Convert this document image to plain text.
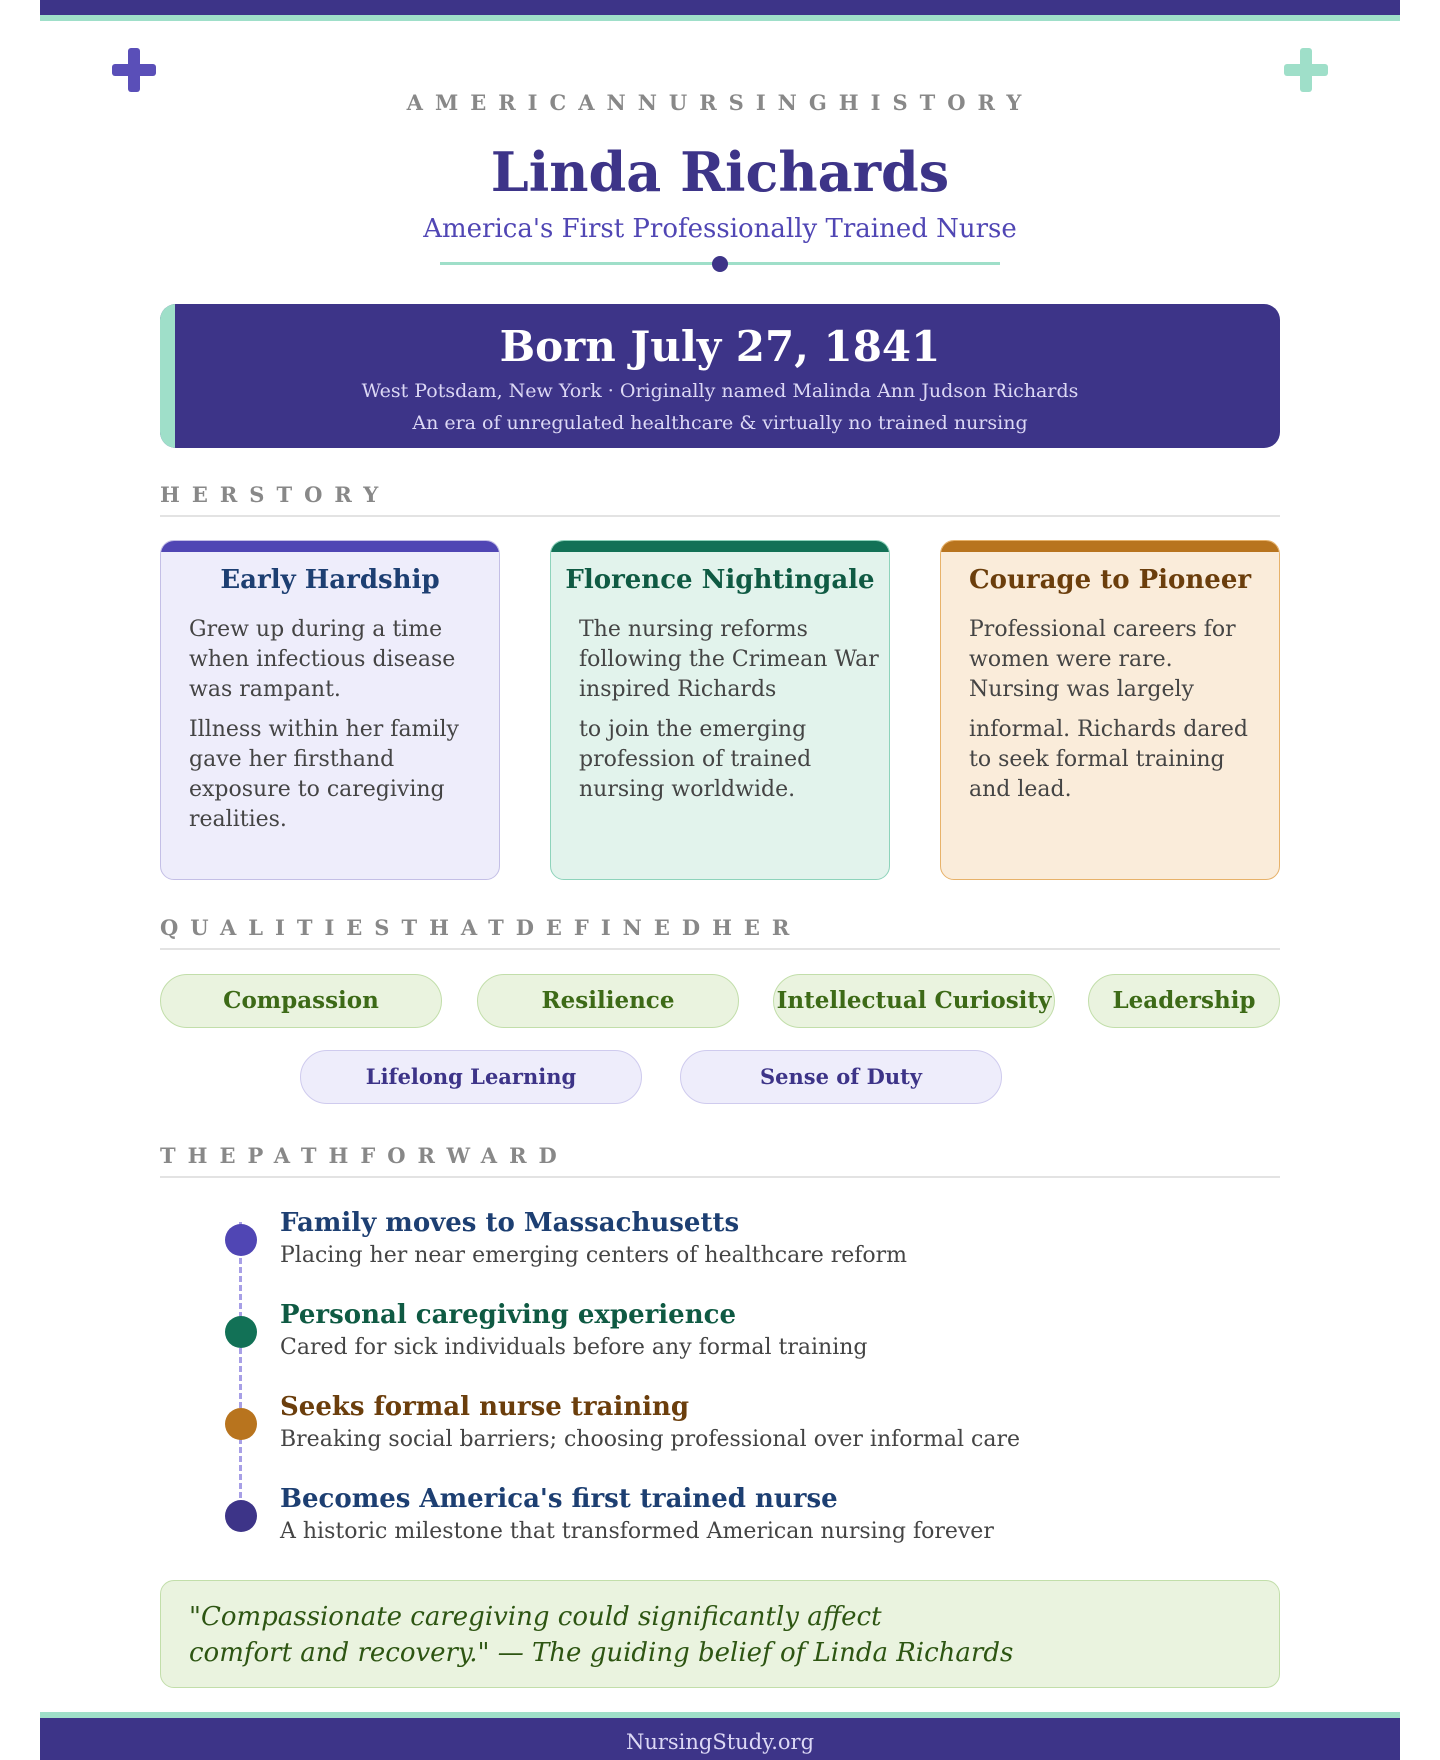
AMERICANNURSINGHISTORY
Linda Richards
America's First Professionally Trained Nurse
Born July 27, 1841
West Potsdam, New York · Originally named Malinda Ann Judson Richards
An era of unregulated healthcare & virtually no trained nursing
HERSTORY
Early Hardship

Grew up during a time when infectious disease was rampant.

Illness within her family gave her firsthand exposure to caregiving realities.

Florence Nightingale

The nursing reforms following the Crimean War inspired Richards

to join the emerging profession of trained nursing worldwide.

Courage to Pioneer

Professional careers for women were rare. Nursing was largely

informal. Richards dared to seek formal training and lead.

QUALITIESTHATDEFINEDHER
Compassion	Resilience	Intellectual Curiosity	Leadership
Lifelong Learning	Sense of Duty
THEPATHFORWARD
Family moves to Massachusetts
Placing her near emerging centers of healthcare reform
Personal caregiving experience
Cared for sick individuals before any formal training
Seeks formal nurse training
Breaking social barriers; choosing professional over informal care
Becomes America's first trained nurse
A historic milestone that transformed American nursing forever
"Compassionate caregiving could significantly affect
comfort and recovery." — The guiding belief of Linda Richards
NursingStudy.org
